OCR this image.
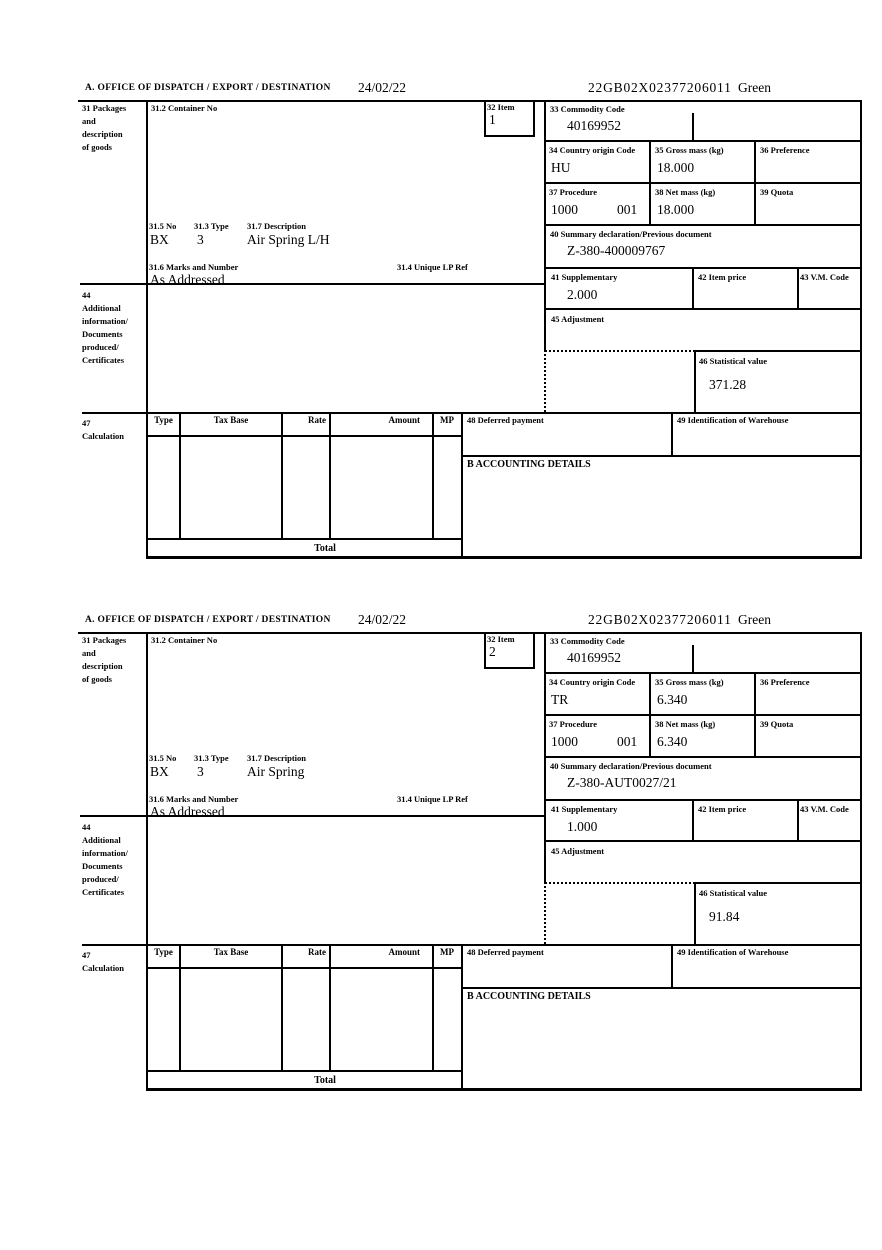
A. OFFICE OF DISPATCH / EXPORT / DESTINATION 24/02/22	22GB02X02377206011 Green
31 Packages
and
description
of goods
31.2 Container No	32 Item
1
33 Commodity Code
40169952
34 Country origin Code
HU
35 Gross mass (kg)
18.000
36 Preference
37 Procedure
1000	001
38 Net mass (kg)
18.000
39 Quota
40 Summary declaration/Previous document
Z-380-400009767
41 Supplementary
2.000
42 Item price	43 V.M. Code
45 Adjustment
46 Statistical value
371.28
44
Additional
information/
Documents
produced/
Certificates
31.5 No 31.3 Type 31.7 Description
BX 3	Air Spring L/H
31.6 Marks and Number	31.4 Unique LP Ref
As Addressed
47
Calculation
Type	Tax Base	Rate	Amount	MP	48 Deferred payment	49 Identification of Warehouse
B ACCOUNTING DETAILS
Total
A. OFFICE OF DISPATCH / EXPORT / DESTINATION 24/02/22	22GB02X02377206011 Green
31 Packages
and
description
of goods
31.2 Container No	32 Item
2
33 Commodity Code
40169952
34 Country origin Code
TR
35 Gross mass (kg)
6.340
36 Preference
37 Procedure
1000	001
38 Net mass (kg)
6.340
39 Quota
40 Summary declaration/Previous document
Z-380-AUT0027/21
41 Supplementary
1.000
42 Item price	43 V.M. Code
45 Adjustment
46 Statistical value
91.84
44
Additional
information/
Documents
produced/
Certificates
31.5 No 31.3 Type 31.7 Description
BX 3	Air Spring
31.6 Marks and Number	31.4 Unique LP Ref
As Addressed
47
Calculation
Type	Tax Base	Rate	Amount	MP	48 Deferred payment	49 Identification of Warehouse
B ACCOUNTING DETAILS
Total
